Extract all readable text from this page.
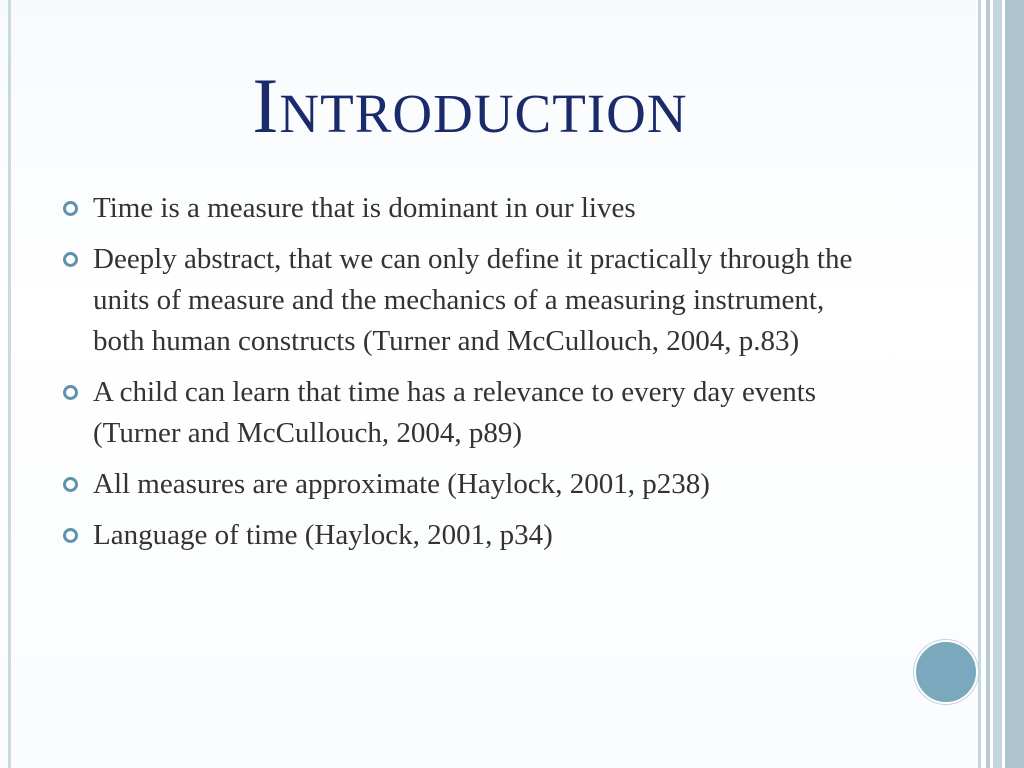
Introduction
Time is a measure that is dominant in our lives
Deeply abstract, that we can only define it practically through the units of measure and the mechanics of a measuring instrument, both human constructs (Turner and McCullouch, 2004, p.83)
A child can learn that time has a relevance to every day events (Turner and McCullouch, 2004, p89)
All measures are approximate (Haylock, 2001, p238)
Language of time (Haylock, 2001, p34)
